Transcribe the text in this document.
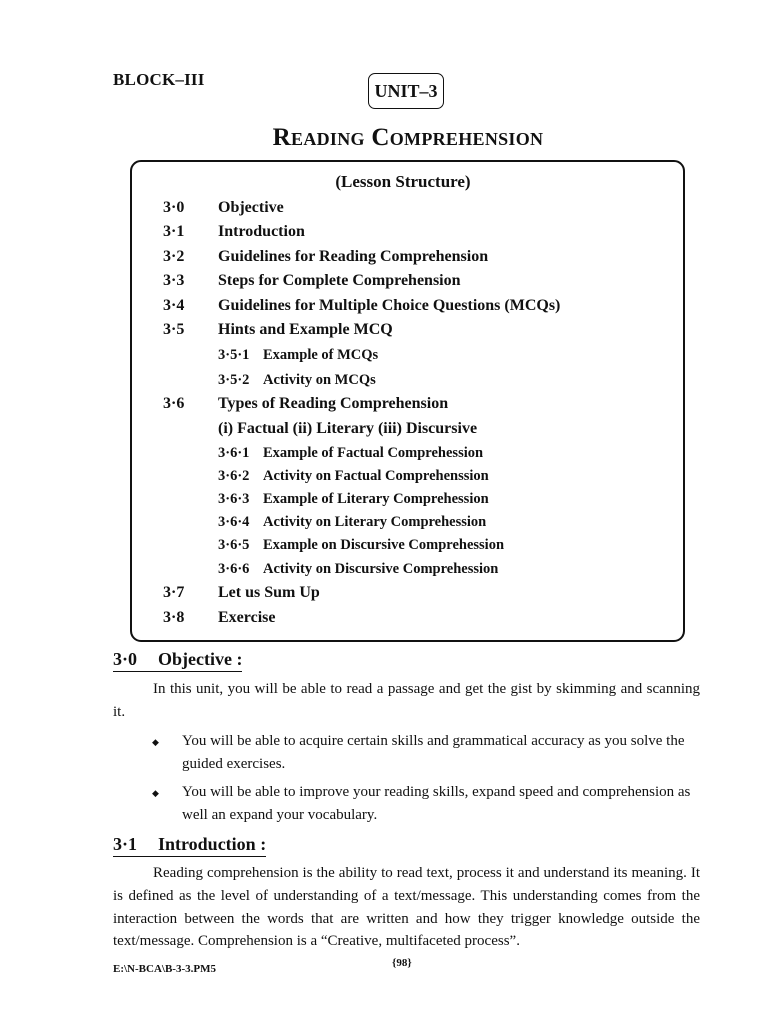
BLOCK–III
UNIT–3
Reading Comprehension
(Lesson Structure)
3·0 Objective
3·1 Introduction
3·2 Guidelines for Reading Comprehension
3·3 Steps for Complete Comprehension
3·4 Guidelines for Multiple Choice Questions (MCQs)
3·5 Hints and Example MCQ
3·5·1 Example of MCQs
3·5·2 Activity on MCQs
3·6 Types of Reading Comprehension
(i) Factual (ii) Literary (iii) Discursive
3·6·1 Example of Factual Comprehession
3·6·2 Activity on Factual Comprehenssion
3·6·3 Example of Literary Comprehession
3·6·4 Activity on Literary Comprehession
3·6·5 Example on Discursive Comprehession
3·6·6 Activity on Discursive Comprehession
3·7 Let us Sum Up
3·8 Exercise
3·0 Objective :
In this unit, you will be able to read a passage and get the gist by skimming and scanning it.
◆ You will be able to acquire certain skills and grammatical accuracy as you solve the guided exercises.
◆ You will be able to improve your reading skills, expand speed and comprehension as well an expand your vocabulary.
3·1 Introduction :
Reading comprehension is the ability to read text, process it and understand its meaning. It is defined as the level of understanding of a text/message. This understanding comes from the interaction between the words that are written and how they trigger knowledge outside the text/message. Comprehension is a “Creative, multifaceted process”.
{98}
E:\N-BCA\B-3-3.PM5
